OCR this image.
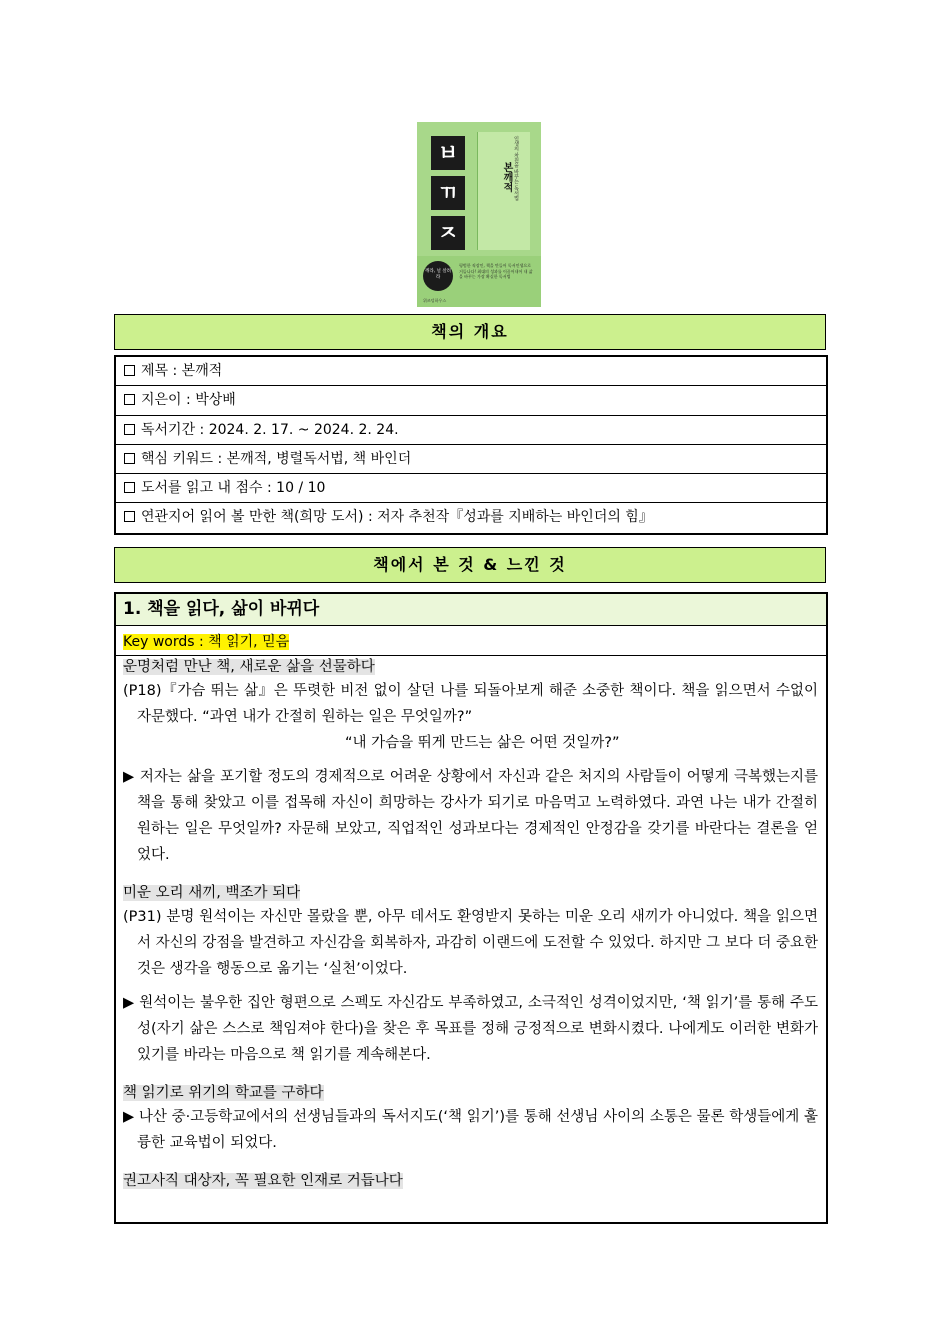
ㅂ
ㄲ
ㅈ
본깨적 인생의 차원을 바꾸는 독서법
깨라, 널 살려라
평범한 직장인, 책을 만들어 독서인생으로 거듭나다! 최대의 성과를 이끌어내어 내 삶을 바꾸는 가장 확실한 독서법
위즈덤하우스
책의 개요
제목 : 본깨적
지은이 : 박상배
독서기간 : 2024. 2. 17. ~ 2024. 2. 24.
핵심 키워드 : 본깨적, 병렬독서법, 책 바인더
도서를 읽고 내 점수 : 10 / 10
연관지어 읽어 볼 만한 책(희망 도서) : 저자 추천작『성과를 지배하는 바인더의 힘』
책에서 본 것 & 느낀 것
1. 책을 읽다, 삶이 바뀌다
Key words : 책 읽기, 믿음
운명처럼 만난 책, 새로운 삶을 선물하다
(P18)『가슴 뛰는 삶』은 뚜렷한 비전 없이 살던 나를 되돌아보게 해준 소중한 책이다. 책을 읽으면서 수없이 자문했다. “과연 내가 간절히 원하는 일은 무엇일까?”
“내 가슴을 뛰게 만드는 삶은 어떤 것일까?”
▶ 저자는 삶을 포기할 정도의 경제적으로 어려운 상황에서 자신과 같은 처지의 사람들이 어떻게 극복했는지를 책을 통해 찾았고 이를 접목해 자신이 희망하는 강사가 되기로 마음먹고 노력하였다. 과연 나는 내가 간절히 원하는 일은 무엇일까? 자문해 보았고, 직업적인 성과보다는 경제적인 안정감을 갖기를 바란다는 결론을 얻었다.
미운 오리 새끼, 백조가 되다
(P31) 분명 원석이는 자신만 몰랐을 뿐, 아무 데서도 환영받지 못하는 미운 오리 새끼가 아니었다. 책을 읽으면서 자신의 강점을 발견하고 자신감을 회복하자, 과감히 이랜드에 도전할 수 있었다. 하지만 그 보다 더 중요한 것은 생각을 행동으로 옮기는 ‘실천’이었다.
▶ 원석이는 불우한 집안 형편으로 스펙도 자신감도 부족하였고, 소극적인 성격이었지만, ‘책 읽기’를 통해 주도성(자기 삶은 스스로 책임져야 한다)을 찾은 후 목표를 정해 긍정적으로 변화시켰다. 나에게도 이러한 변화가 있기를 바라는 마음으로 책 읽기를 계속해본다.
책 읽기로 위기의 학교를 구하다
▶ 나산 중·고등학교에서의 선생님들과의 독서지도(‘책 읽기’)를 통해 선생님 사이의 소통은 물론 학생들에게 훌륭한 교육법이 되었다.
권고사직 대상자, 꼭 필요한 인재로 거듭나다
